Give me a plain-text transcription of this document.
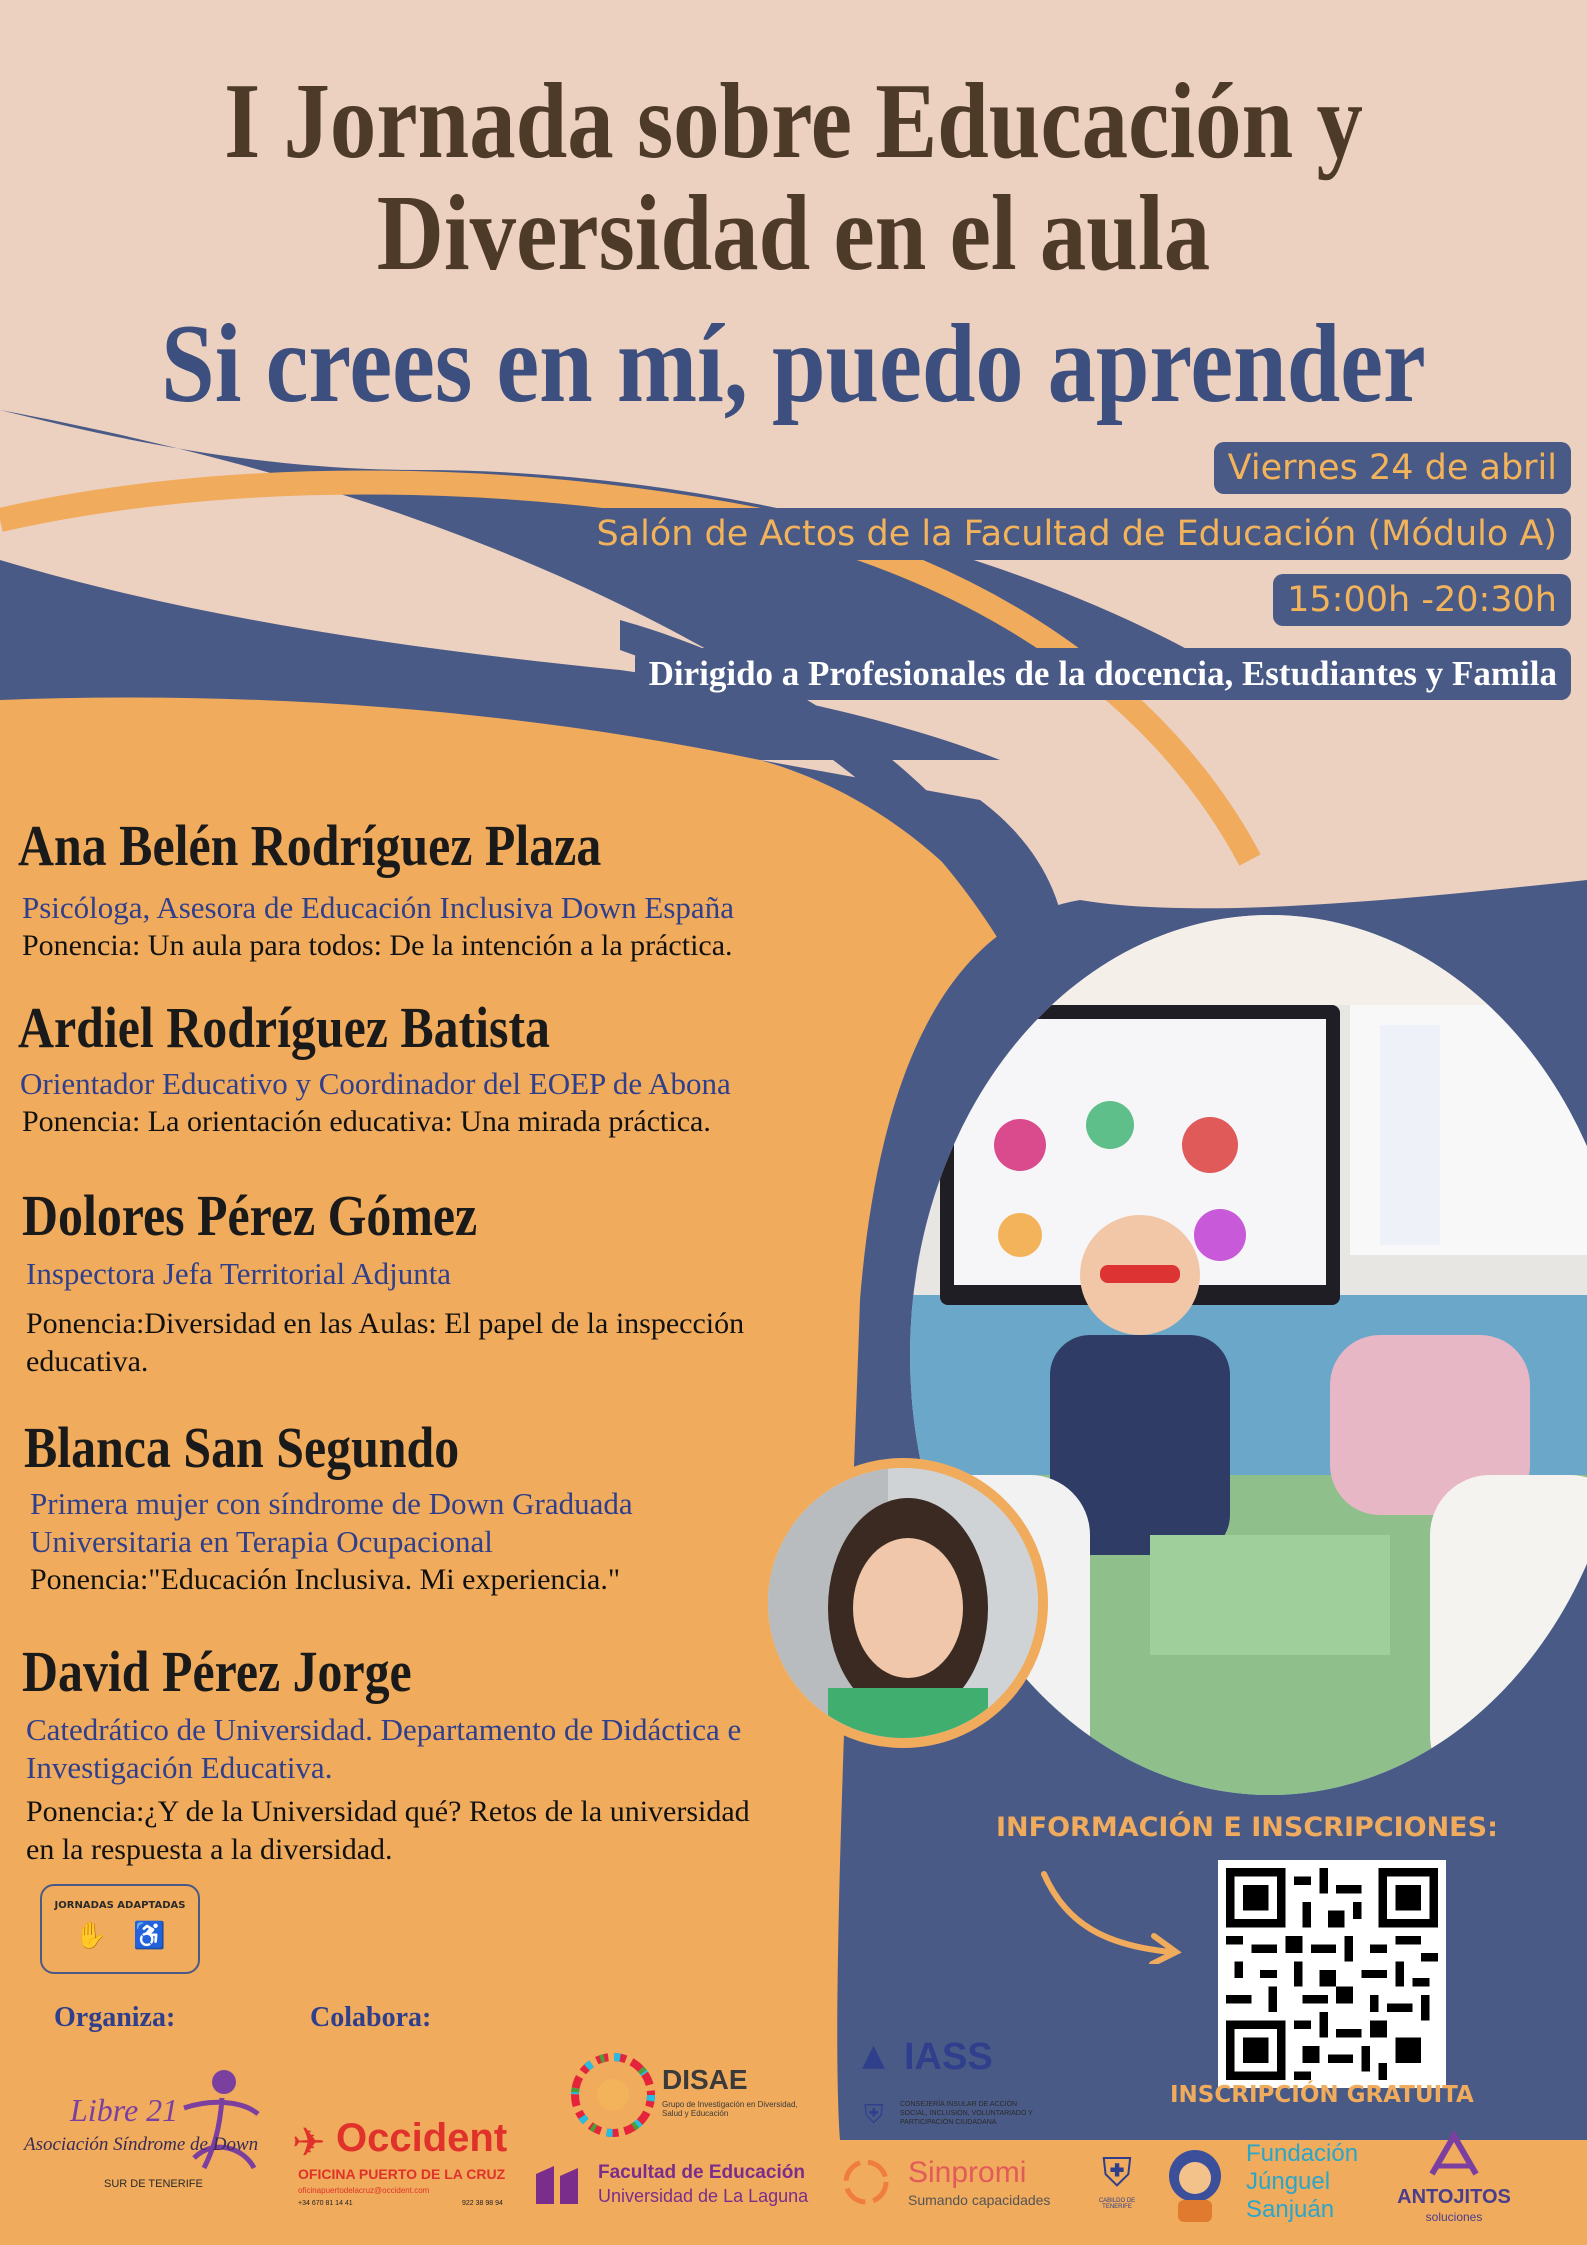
I Jornada sobre Educación y
Diversidad en el aula
Si crees en mí, puedo aprender
Viernes 24 de abril
Salón de Actos de la Facultad de Educación (Módulo A)
15:00h -20:30h
Dirigido a Profesionales de la docencia, Estudiantes y Famila
Ana Belén Rodríguez Plaza
Psicóloga, Asesora de Educación Inclusiva Down España
Ponencia: Un aula para todos: De la intención a la práctica.
Ardiel Rodríguez Batista
Orientador Educativo y Coordinador del EOEP de Abona
Ponencia: La orientación educativa: Una mirada práctica.
Dolores Pérez Gómez
Inspectora Jefa Territorial Adjunta
Ponencia:Diversidad en las Aulas: El papel de la inspección
educativa.
Blanca San Segundo
Primera mujer con síndrome de Down Graduada
Universitaria en Terapia Ocupacional
Ponencia:"Educación Inclusiva. Mi experiencia."
David Pérez Jorge
Catedrático de Universidad. Departamento de Didáctica e
Investigación Educativa.
Ponencia:¿Y de la Universidad qué? Retos de la universidad
en la respuesta a la diversidad.
INFORMACIÓN E INSCRIPCIONES:
INSCRIPCIÓN GRATUITA
JORNADAS ADAPTADAS
✋ ♿
Organiza:	Colabora:
Libre 21
Asociación Síndrome de Down
SUR DE TENERIFE
✈ Occident
OFICINA PUERTO DE LA CRUZ
oficinapuertodelacruz@occident.com
+34 670 81 14 41	922 38 98 94
DISAE
Grupo de Investigación en Diversidad, Salud y Educación
▲ IASS
⛨ CONSEJERÍA INSULAR DE ACCIÓN SOCIAL, INCLUSIÓN, VOLUNTARIADO Y PARTICIPACIÓN CIUDADANA
Facultad de Educación
Universidad de La Laguna
Sinpromi
Sumando capacidades
⛨
CABILDO DE TENERIFE
Fundación
Júnguel
Sanjuán	ANTOJITOS
soluciones
